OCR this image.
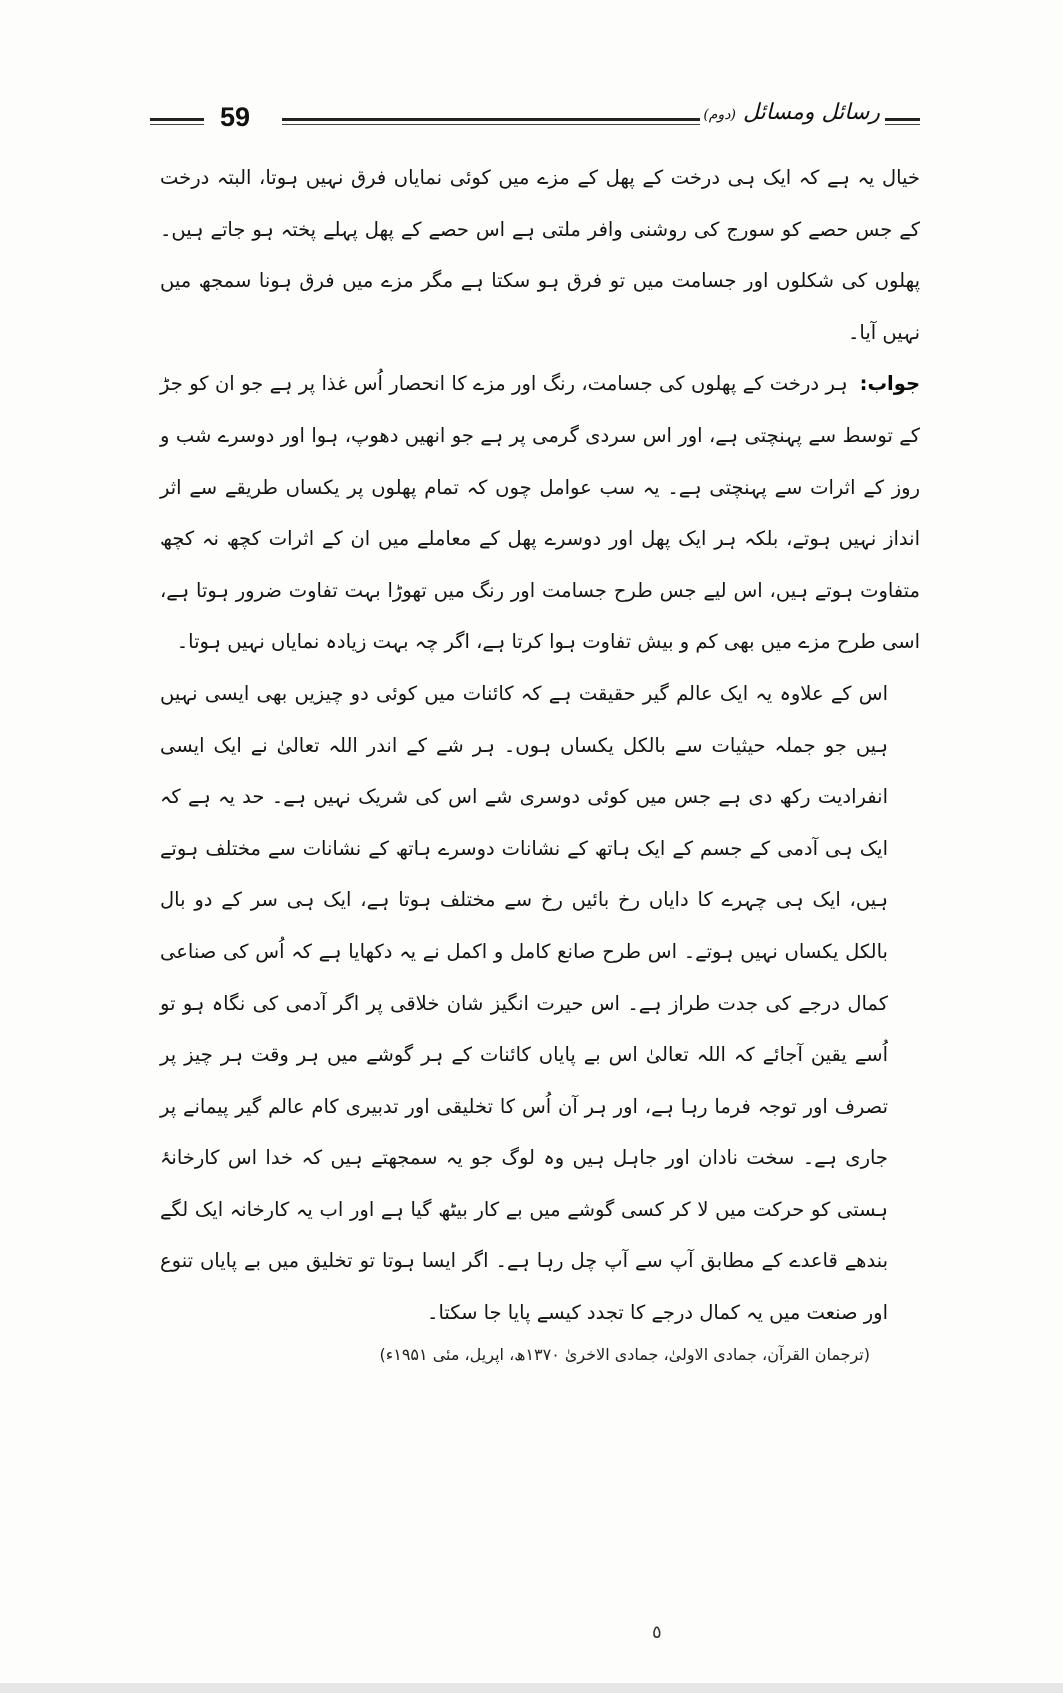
59	رسائل ومسائل (دوم)

خیال یہ ہے کہ ایک ہی درخت کے پھل کے مزے میں کوئی نمایاں فرق نہیں ہوتا، البتہ درخت کے جس حصے کو سورج کی روشنی وافر ملتی ہے اس حصے کے پھل پہلے پختہ ہو جاتے ہیں۔ پھلوں کی شکلوں اور جسامت میں تو فرق ہو سکتا ہے مگر مزے میں فرق ہونا سمجھ میں نہیں آیا۔

جواب:ہر درخت کے پھلوں کی جسامت، رنگ اور مزے کا انحصار اُس غذا پر ہے جو ان کو جڑ کے توسط سے پہنچتی ہے، اور اس سردی گرمی پر ہے جو انھیں دھوپ، ہوا اور دوسرے شب و روز کے اثرات سے پہنچتی ہے۔ یہ سب عوامل چوں کہ تمام پھلوں پر یکساں طریقے سے اثر انداز نہیں ہوتے، بلکہ ہر ایک پھل اور دوسرے پھل کے معاملے میں ان کے اثرات کچھ نہ کچھ متفاوت ہوتے ہیں، اس لیے جس طرح جسامت اور رنگ میں تھوڑا بہت تفاوت ضرور ہوتا ہے، اسی طرح مزے میں بھی کم و بیش تفاوت ہوا کرتا ہے، اگر چہ بہت زیادہ نمایاں نہیں ہوتا۔

اس کے علاوہ یہ ایک عالم گیر حقیقت ہے کہ کائنات میں کوئی دو چیزیں بھی ایسی نہیں ہیں جو جملہ حیثیات سے بالکل یکساں ہوں۔ ہر شے کے اندر اللہ تعالیٰ نے ایک ایسی انفرادیت رکھ دی ہے جس میں کوئی دوسری شے اس کی شریک نہیں ہے۔ حد یہ ہے کہ ایک ہی آدمی کے جسم کے ایک ہاتھ کے نشانات دوسرے ہاتھ کے نشانات سے مختلف ہوتے ہیں، ایک ہی چہرے کا دایاں رخ بائیں رخ سے مختلف ہوتا ہے، ایک ہی سر کے دو بال بالکل یکساں نہیں ہوتے۔ اس طرح صانع کامل و اکمل نے یہ دکھایا ہے کہ اُس کی صناعی کمال درجے کی جدت طراز ہے۔ اس حیرت انگیز شان خلاقی پر اگر آدمی کی نگاہ ہو تو اُسے یقین آجائے کہ اللہ تعالیٰ اس بے پایاں کائنات کے ہر گوشے میں ہر وقت ہر چیز پر تصرف اور توجہ فرما رہا ہے، اور ہر آن اُس کا تخلیقی اور تدبیری کام عالم گیر پیمانے پر جاری ہے۔ سخت نادان اور جاہل ہیں وہ لوگ جو یہ سمجھتے ہیں کہ خدا اس کارخانۂ ہستی کو حرکت میں لا کر کسی گوشے میں بے کار بیٹھ گیا ہے اور اب یہ کارخانہ ایک لگے بندھے قاعدے کے مطابق آپ سے آپ چل رہا ہے۔ اگر ایسا ہوتا تو تخلیق میں بے پایاں تنوع اور صنعت میں یہ کمال درجے کا تجدد کیسے پایا جا سکتا۔

(ترجمان القرآن، جمادی الاولیٰ، جمادی الاخریٰ ۱۳۷۰ھ، اپریل، مئی ۱۹۵۱ء)
٥
